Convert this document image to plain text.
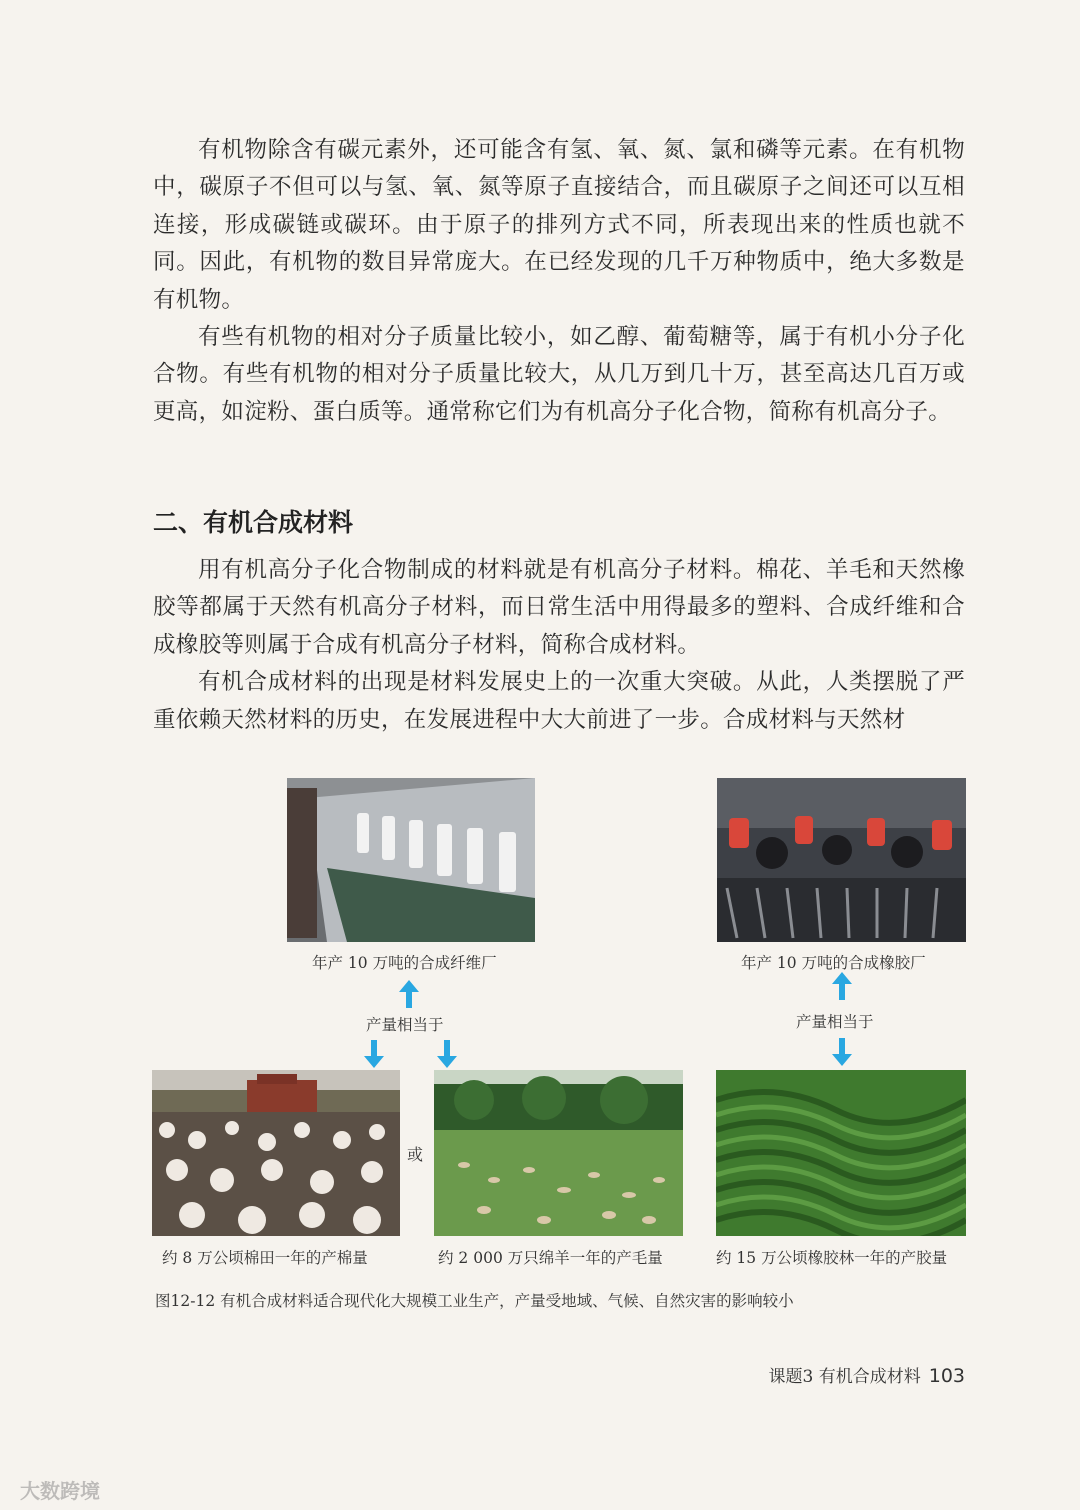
有机物除含有碳元素外，还可能含有氢、氧、氮、氯和磷等元素。在有机物中，碳原子不但可以与氢、氧、氮等原子直接结合，而且碳原子之间还可以互相连接，形成碳链或碳环。由于原子的排列方式不同，所表现出来的性质也就不同。因此，有机物的数目异常庞大。在已经发现的几千万种物质中，绝大多数是有机物。

有些有机物的相对分子质量比较小，如乙醇、葡萄糖等，属于有机小分子化合物。有些有机物的相对分子质量比较大，从几万到几十万，甚至高达几百万或更高，如淀粉、蛋白质等。通常称它们为有机高分子化合物，简称有机高分子。

二、有机合成材料

用有机高分子化合物制成的材料就是有机高分子材料。棉花、羊毛和天然橡胶等都属于天然有机高分子材料，而日常生活中用得最多的塑料、合成纤维和合成橡胶等则属于合成有机高分子材料，简称合成材料。

有机合成材料的出现是材料发展史上的一次重大突破。从此，人类摆脱了严重依赖天然材料的历史，在发展进程中大大前进了一步。合成材料与天然材

年产 10 万吨的合成纤维厂	年产 10 万吨的合成橡胶厂
产量相当于	产量相当于
或
约 8 万公顷棉田一年的产棉量	约 2 000 万只绵羊一年的产毛量	约 15 万公顷橡胶林一年的产胶量
图12-12 有机合成材料适合现代化大规模工业生产，产量受地域、气候、自然灾害的影响较小
课题3 有机合成材料 103
大数跨境
